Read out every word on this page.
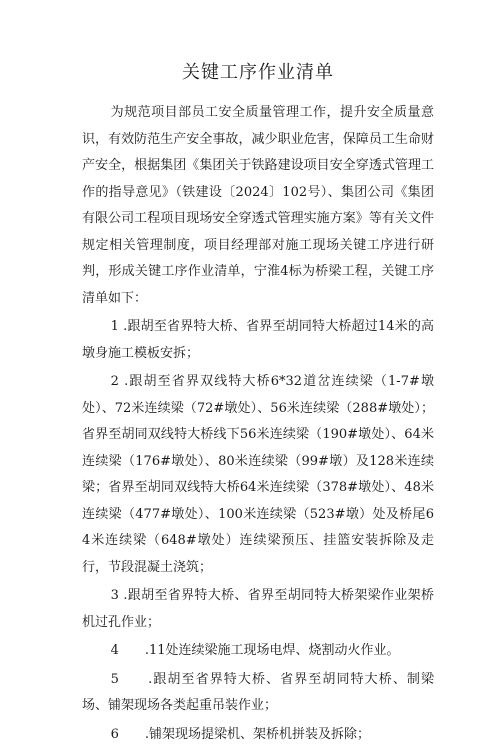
关键工序作业清单

为规范项目部员工安全质量管理工作，提升安全质量意识，有效防范生产安全事故，减少职业危害，保障员工生命财产安全，根据集团《集团关于铁路建设项目安全穿透式管理工作的指导意见》（铁建设〔2024〕102号）、集团公司《集团有限公司工程项目现场安全穿透式管理实施方案》等有关文件规定相关管理制度，项目经理部对施工现场关键工序进行研判，形成关键工序作业清单，宁淮4标为桥梁工程，关键工序清单如下：

1 .跟胡至省界特大桥、省界至胡同特大桥超过14米的高墩身施工模板安拆；

2 .跟胡至省界双线特大桥6*32道岔连续梁（1-7#墩处）、72米连续梁（72#墩处）、56米连续梁（288#墩处）；省界至胡同双线特大桥线下56米连续梁（190#墩处）、64米连续梁（176#墩处）、80米连续梁（99#墩）及128米连续梁；省界至胡同双线特大桥64米连续梁（378#墩处）、48米连续梁（477#墩处）、100米连续梁（523#墩）处及桥尾64米连续梁（648#墩处）连续梁预压、挂篮安装拆除及走行，节段混凝土浇筑；

3 .跟胡至省界特大桥、省界至胡同特大桥架梁作业架桥机过孔作业；

4　　.11处连续梁施工现场电焊、烧割动火作业。

5　　.跟胡至省界特大桥、省界至胡同特大桥、制梁场、铺架现场各类起重吊装作业；

6　　.铺架现场提梁机、架桥机拼装及拆除；
